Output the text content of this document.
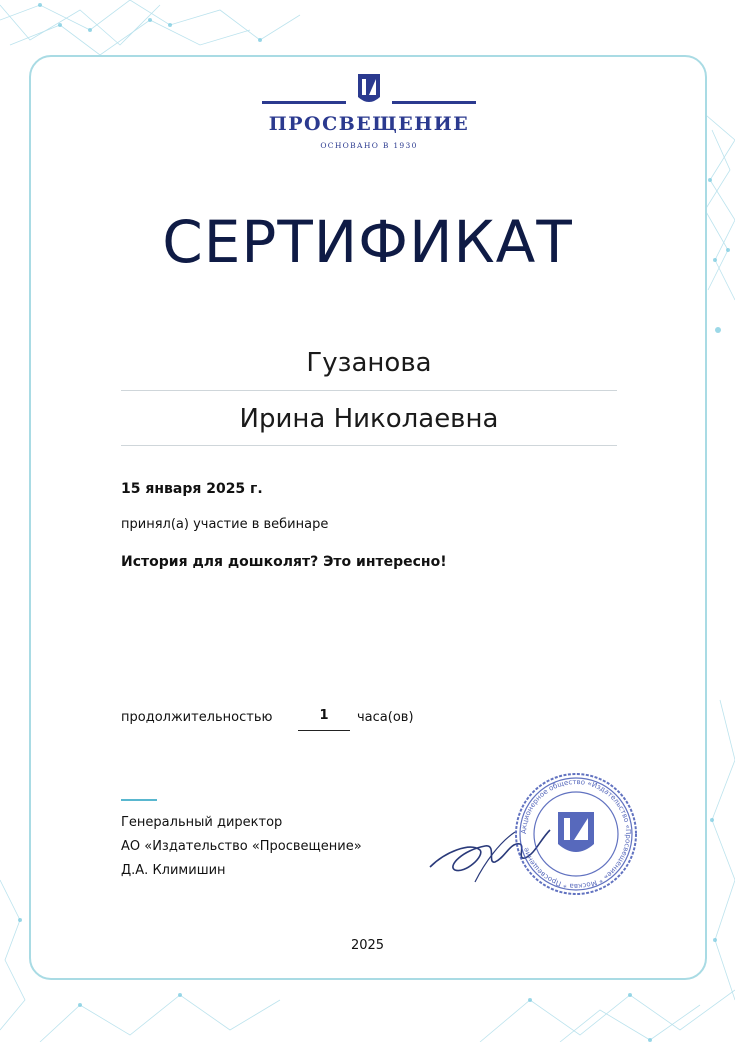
ПРОСВЕЩЕНИЕ
ОСНОВАНО В 1930
СЕРТИФИКАТ
Гузанова
Ирина Николаевна
15 января 2025 г.
принял(а) участие в вебинаре
История для дошколят? Это интересно!
продолжительностью	1	часа(ов)
Генеральный директор
АО «Издательство «Просвещение»
Д.А. Климишин
Акционерное общество «Издательство «Просвещение» * Москва * Просвещение
2025
